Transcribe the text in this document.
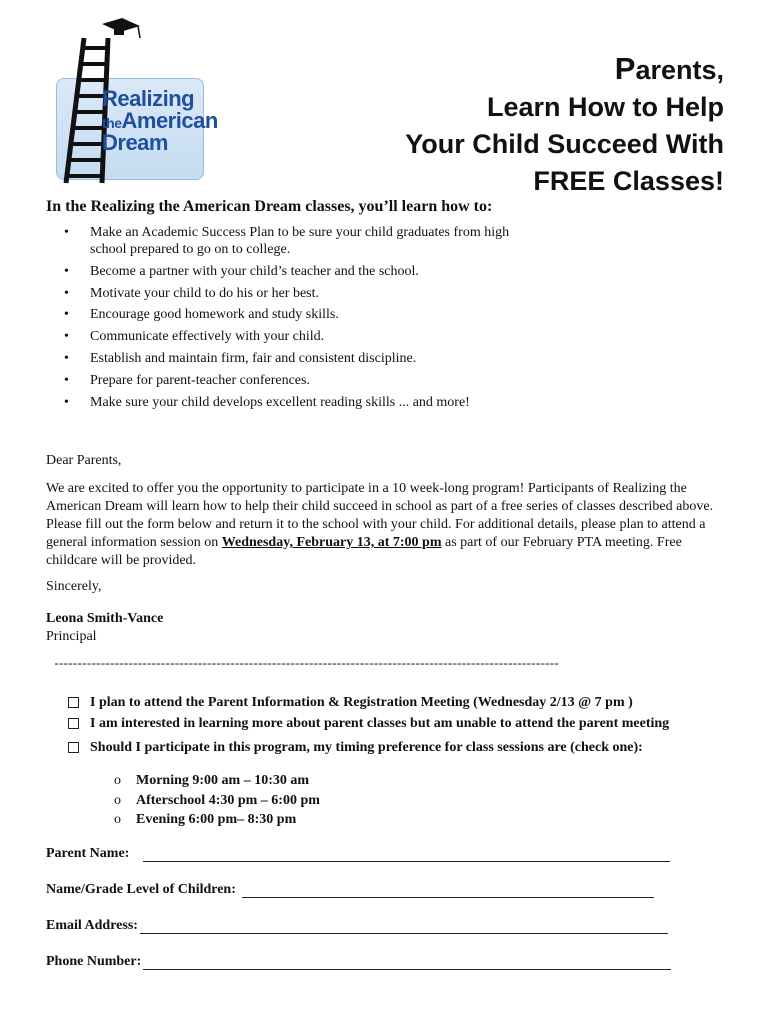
Realizing
theAmerican
Dream
Parents,
Learn How to Help
Your Child Succeed With
FREE Classes!
In the Realizing the American Dream classes, you’ll learn how to:
• Make an Academic Success Plan to be sure your child graduates from high school prepared to go on to college.
• Become a partner with your child’s teacher and the school.
• Motivate your child to do his or her best.
• Encourage good homework and study skills.
• Communicate effectively with your child.
• Establish and maintain firm, fair and consistent discipline.
• Prepare for parent-teacher conferences.
• Make sure your child develops excellent reading skills ... and more!

Dear Parents,

We are excited to offer you the opportunity to participate in a 10 week-long program! Participants of Realizing the American Dream will learn how to help their child succeed in school as part of a free series of classes described above. Please fill out the form below and return it to the school with your child. For additional details, please plan to attend a general information session on Wednesday, February 13, at 7:00 pm as part of our February PTA meeting. Free childcare will be provided.

Sincerely,

Leona Smith-Vance

Principal

 -------------------------------------------------------------------------------------------------------------
I plan to attend the Parent Information & Registration Meeting (Wednesday 2/13 @ 7 pm )
I am interested in learning more about parent classes but am unable to attend the parent meeting
Should I participate in this program, my timing preference for class sessions are (check one):
o Morning 9:00 am – 10:30 am
o Afterschool 4:30 pm – 6:00 pm
o Evening 6:00 pm– 8:30 pm
Parent Name:
Name/Grade Level of Children:
Email Address:
Phone Number:
